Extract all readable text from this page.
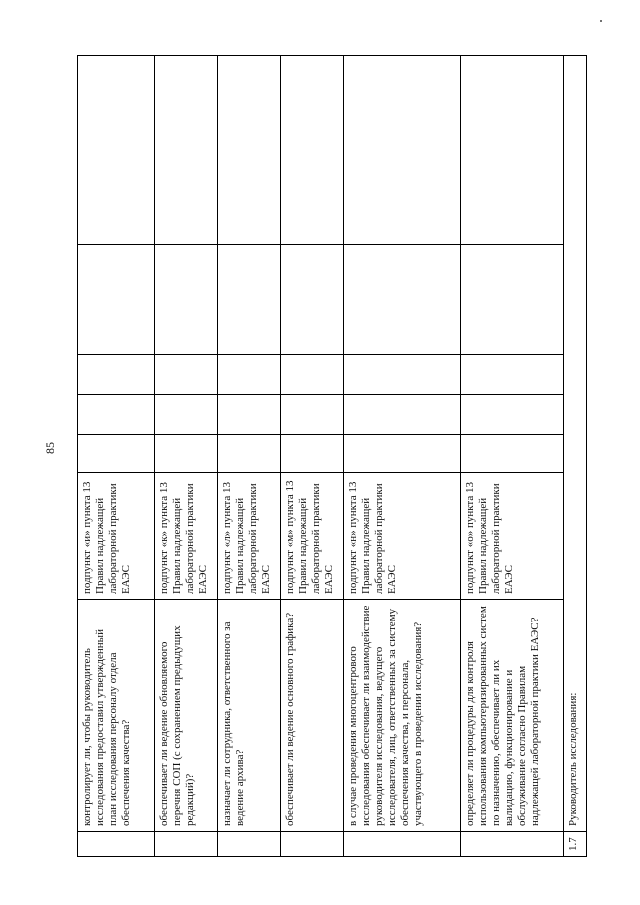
85
контролирует ли, чтобы руководитель исследования предоставил утвержденный план исследования персоналу отдела обеспечения качества?
подпункт «и» пункта 13 Правил надлежащей лабораторной практики ЕАЭС
обеспечивает ли ведение обновляемого перечня СОП (с сохранением предыдущих редакций)?
подпункт «к» пункта 13 Правил надлежащей лабораторной практики ЕАЭС
назначает ли сотрудника, ответственного за ведение архива?
подпункт «л» пункта 13 Правил надлежащей лабораторной практики ЕАЭС
обеспечивает ли ведение основного графика?
подпункт «м» пункта 13 Правил надлежащей лабораторной практики ЕАЭС
в случае проведения многоцентрового исследования обеспечивает ли взаимодействие руководителя исследования, ведущего исследователя, лиц, ответственных за систему обеспечения качества, и персонала, участвующего в проведении исследования?
подпункт «н» пункта 13 Правил надлежащей лабораторной практики ЕАЭС
определяет ли процедуры для контроля использования компьютеризированных систем по назначению, обеспечивает ли их валидацию, функционирование и обслуживание согласно Правилам надлежащей лабораторной практики ЕАЭС?
подпункт «о» пункта 13 Правил надлежащей лабораторной практики ЕАЭС
1.7
Руководитель исследования:
